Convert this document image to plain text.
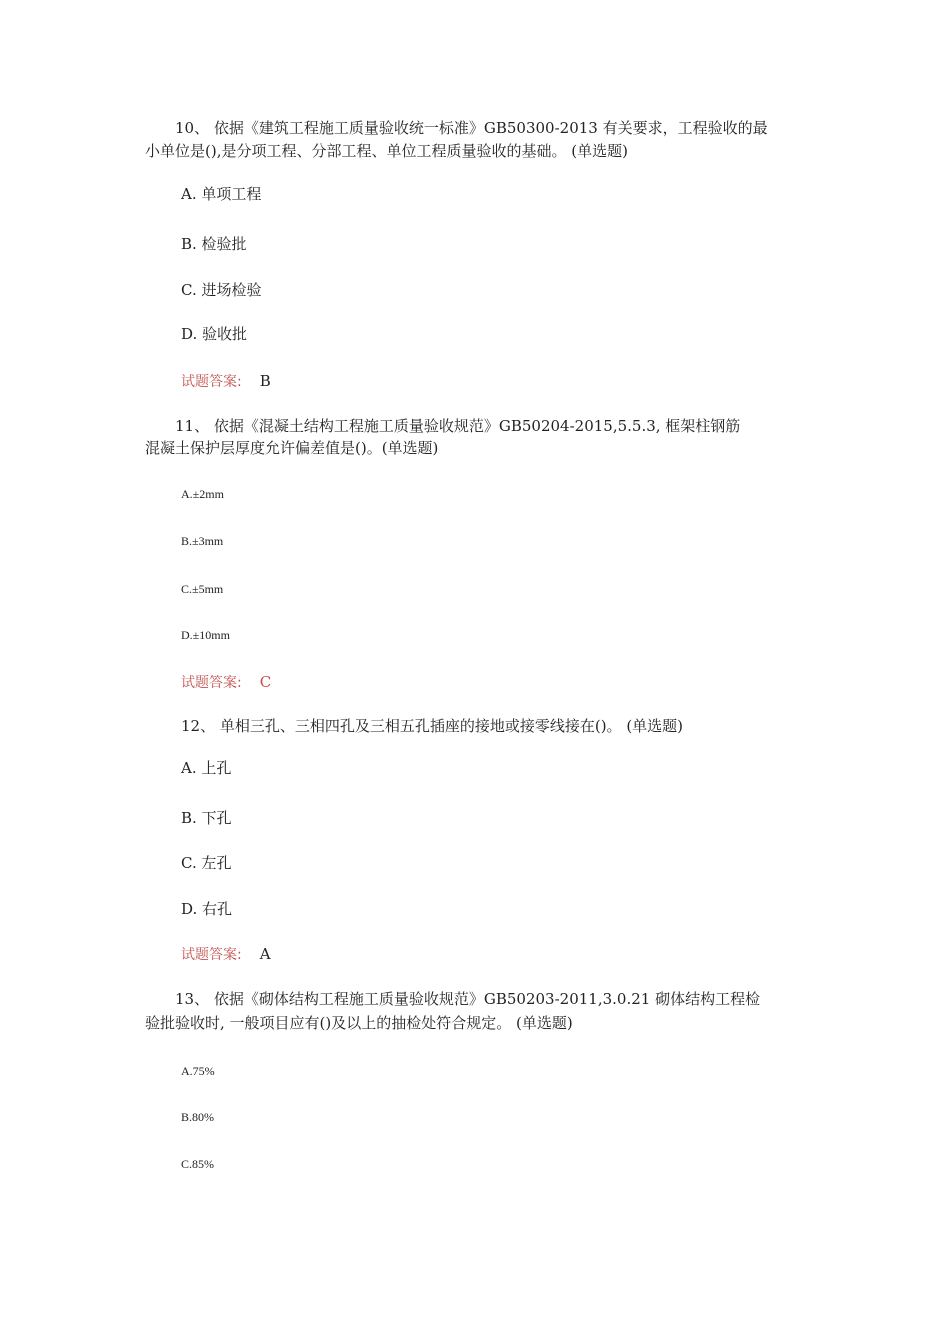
10、 依据《建筑工程施工质量验收统一标准》GB50300-2013 有关要求，工程验收的最
小单位是(),是分项工程、分部工程、单位工程质量验收的基础。 (单选题)
A. 单项工程
B. 检验批
C. 进场检验
D. 验收批
试题答案: B
11、 依据《混凝土结构工程施工质量验收规范》GB50204-2015,5.5.3, 框架柱钢筋
混凝土保护层厚度允许偏差值是()。(单选题)
A.±2mm
B.±3mm
C.±5mm
D.±10mm
试题答案: C
12、 单相三孔、三相四孔及三相五孔插座的接地或接零线接在()。 (单选题)
A. 上孔
B. 下孔
C. 左孔
D. 右孔
试题答案: A
13、 依据《砌体结构工程施工质量验收规范》GB50203-2011,3.0.21 砌体结构工程检
验批验收时, 一般项目应有()及以上的抽检处符合规定。 (单选题)
A.75%
B.80%
C.85%
